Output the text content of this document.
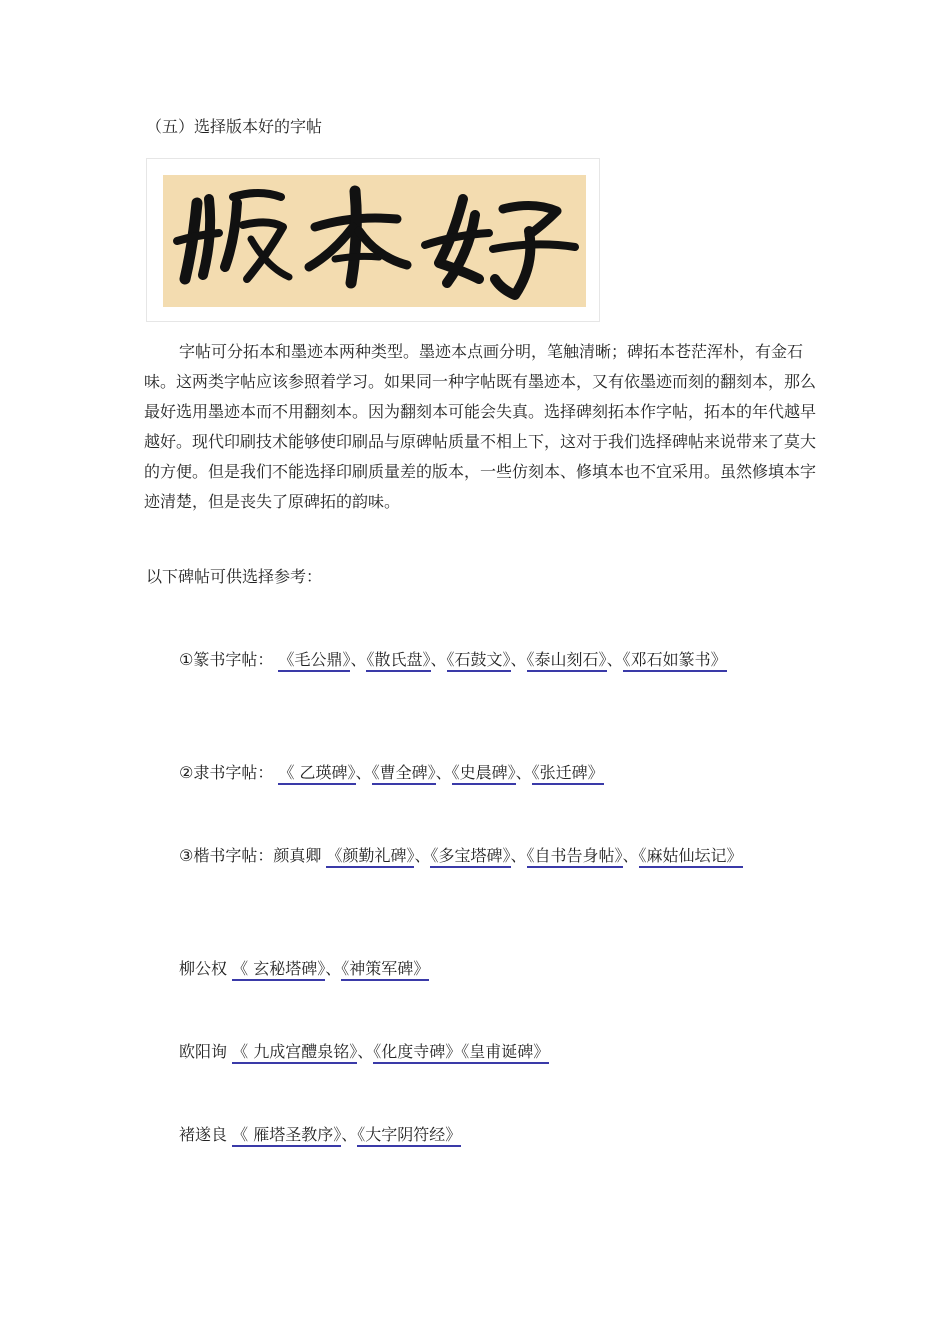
（五）选择版本好的字帖

字帖可分拓本和墨迹本两种类型。墨迹本点画分明，笔触清晰；碑拓本苍茫浑朴，有金石味。这两类字帖应该参照着学习。如果同一种字帖既有墨迹本，又有依墨迹而刻的翻刻本，那么最好选用墨迹本而不用翻刻本。因为翻刻本可能会失真。选择碑刻拓本作字帖，拓本的年代越早越好。现代印刷技术能够使印刷品与原碑帖质量不相上下，这对于我们选择碑帖来说带来了莫大的方便。但是我们不能选择印刷质量差的版本，一些仿刻本、修填本也不宜采用。虽然修填本字迹清楚，但是丧失了原碑拓的韵味。

以下碑帖可供选择参考：

①篆书字帖： 《毛公鼎》、《散氏盘》、《石鼓文》、《泰山刻石》、《邓石如篆书》

②隶书字帖： 《 乙瑛碑》、《曹全碑》、《史晨碑》、《张迁碑》

③楷书字帖：颜真卿 《颜勤礼碑》、《多宝塔碑》、《自书告身帖》、《麻姑仙坛记》

柳公权 《 玄秘塔碑》、《神策军碑》

欧阳询 《 九成宫醴泉铭》、《化度寺碑》《皇甫诞碑》

褚遂良 《 雁塔圣教序》、《大字阴符经》
